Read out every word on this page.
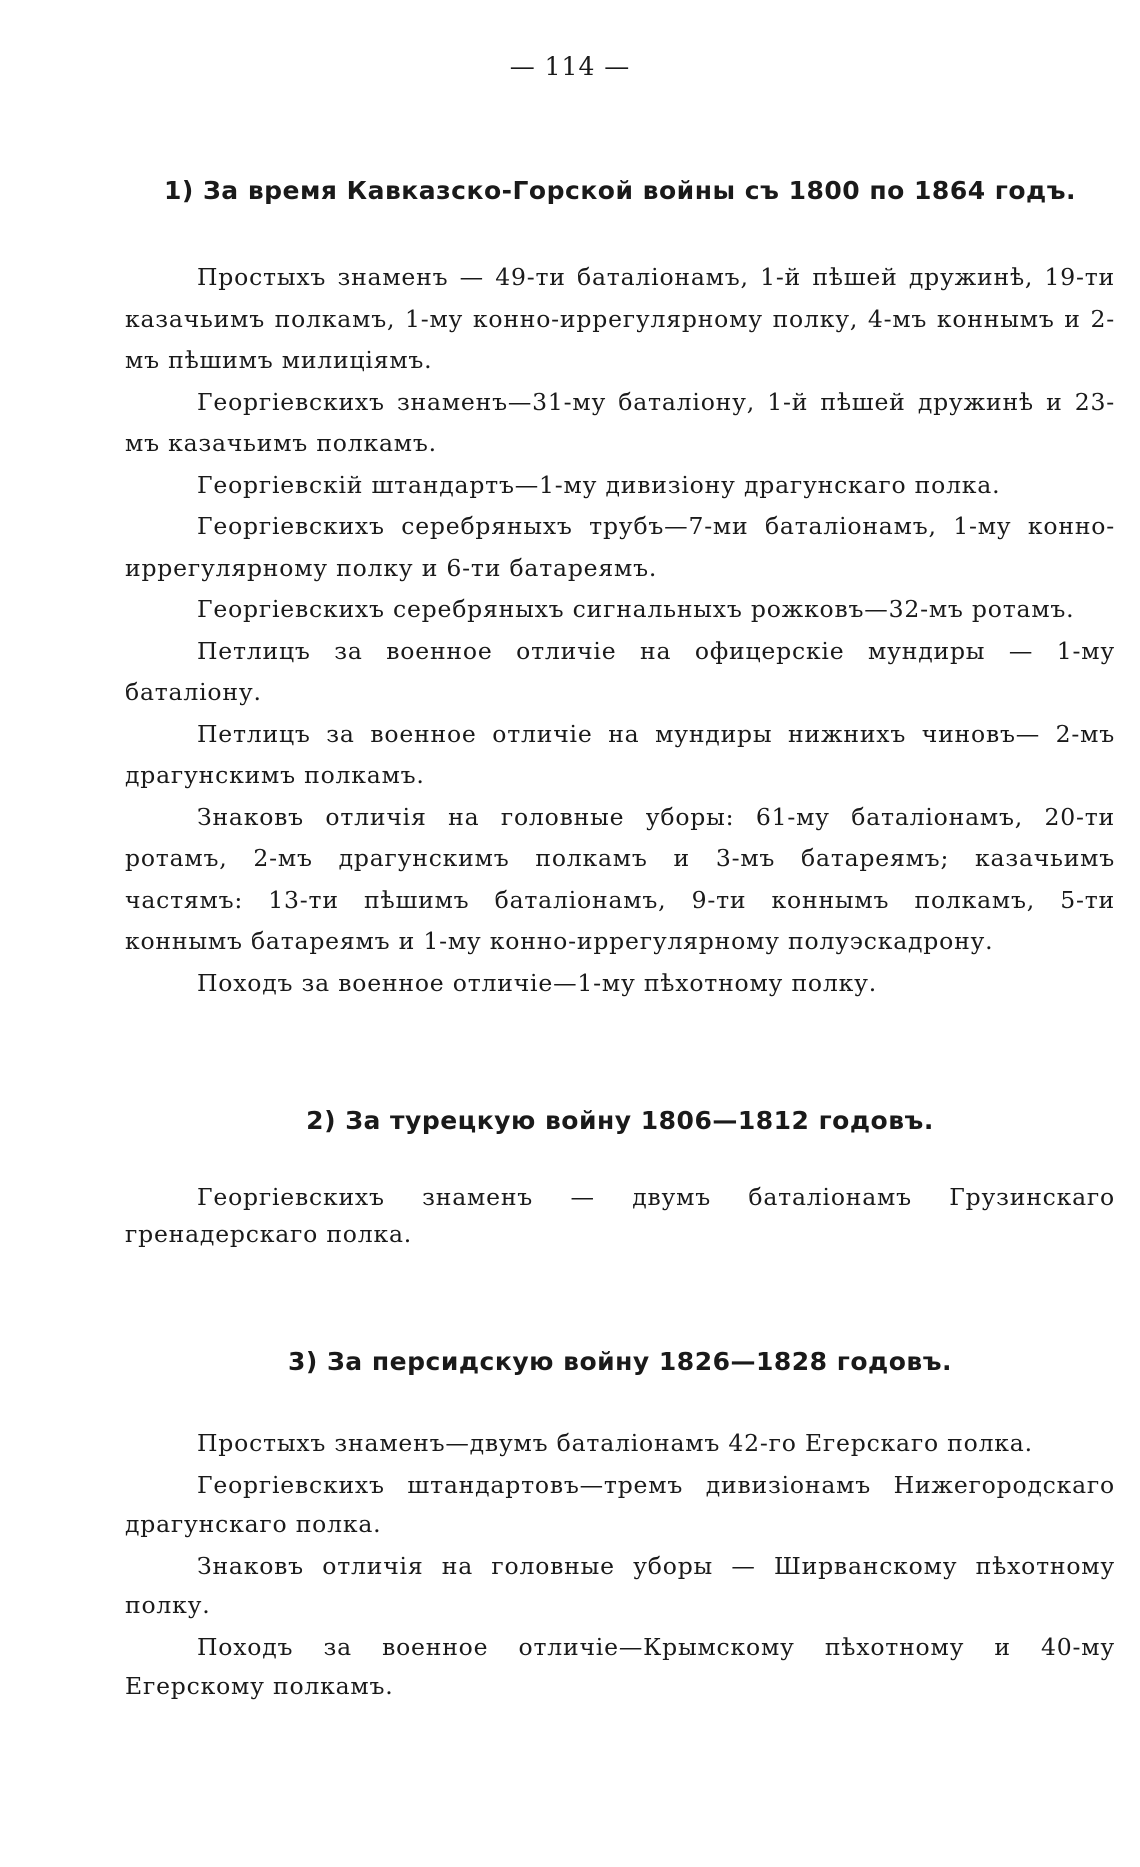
— 114 —
1) За время Кавказско-Горской войны съ 1800 по 1864 годъ.

Простыхъ знаменъ — 49-ти баталіонамъ, 1-й пѣшей дружинѣ, 19-ти казачьимъ полкамъ, 1-му конно-иррегулярному полку, 4-мъ коннымъ и 2-мъ пѣшимъ милиціямъ.

Георгіевскихъ знаменъ—31-му баталіону, 1-й пѣшей дружинѣ и 23-мъ казачьимъ полкамъ.

Георгіевскій штандартъ—1-му дивизіону драгунскаго полка.

Георгіевскихъ серебряныхъ трубъ—7-ми баталіонамъ, 1-му конно-иррегулярному полку и 6-ти батареямъ.

Георгіевскихъ серебряныхъ сигнальныхъ рожковъ—32-мъ ротамъ.

Петлицъ за военное отличіе на офицерскіе мундиры — 1-му баталіону.

Петлицъ за военное отличіе на мундиры нижнихъ чиновъ— 2-мъ драгунскимъ полкамъ.

Знаковъ отличія на головные уборы: 61-му баталіонамъ, 20-ти ротамъ, 2-мъ драгунскимъ полкамъ и 3-мъ батареямъ; казачьимъ частямъ: 13-ти пѣшимъ баталіонамъ, 9-ти коннымъ полкамъ, 5-ти коннымъ батареямъ и 1-му конно-иррегулярному полуэскадрону.

Походъ за военное отличіе—1-му пѣхотному полку.

2) За турецкую войну 1806—1812 годовъ.

Георгіевскихъ знаменъ — двумъ баталіонамъ Грузинскаго гренадерскаго полка.

3) За персидскую войну 1826—1828 годовъ.

Простыхъ знаменъ—двумъ баталіонамъ 42-го Егерскаго полка.

Георгіевскихъ штандартовъ—тремъ дивизіонамъ Нижегородскаго драгунскаго полка.

Знаковъ отличія на головные уборы — Ширванскому пѣхотному полку.

Походъ за военное отличіе—Крымскому пѣхотному и 40-му Егерскому полкамъ.
